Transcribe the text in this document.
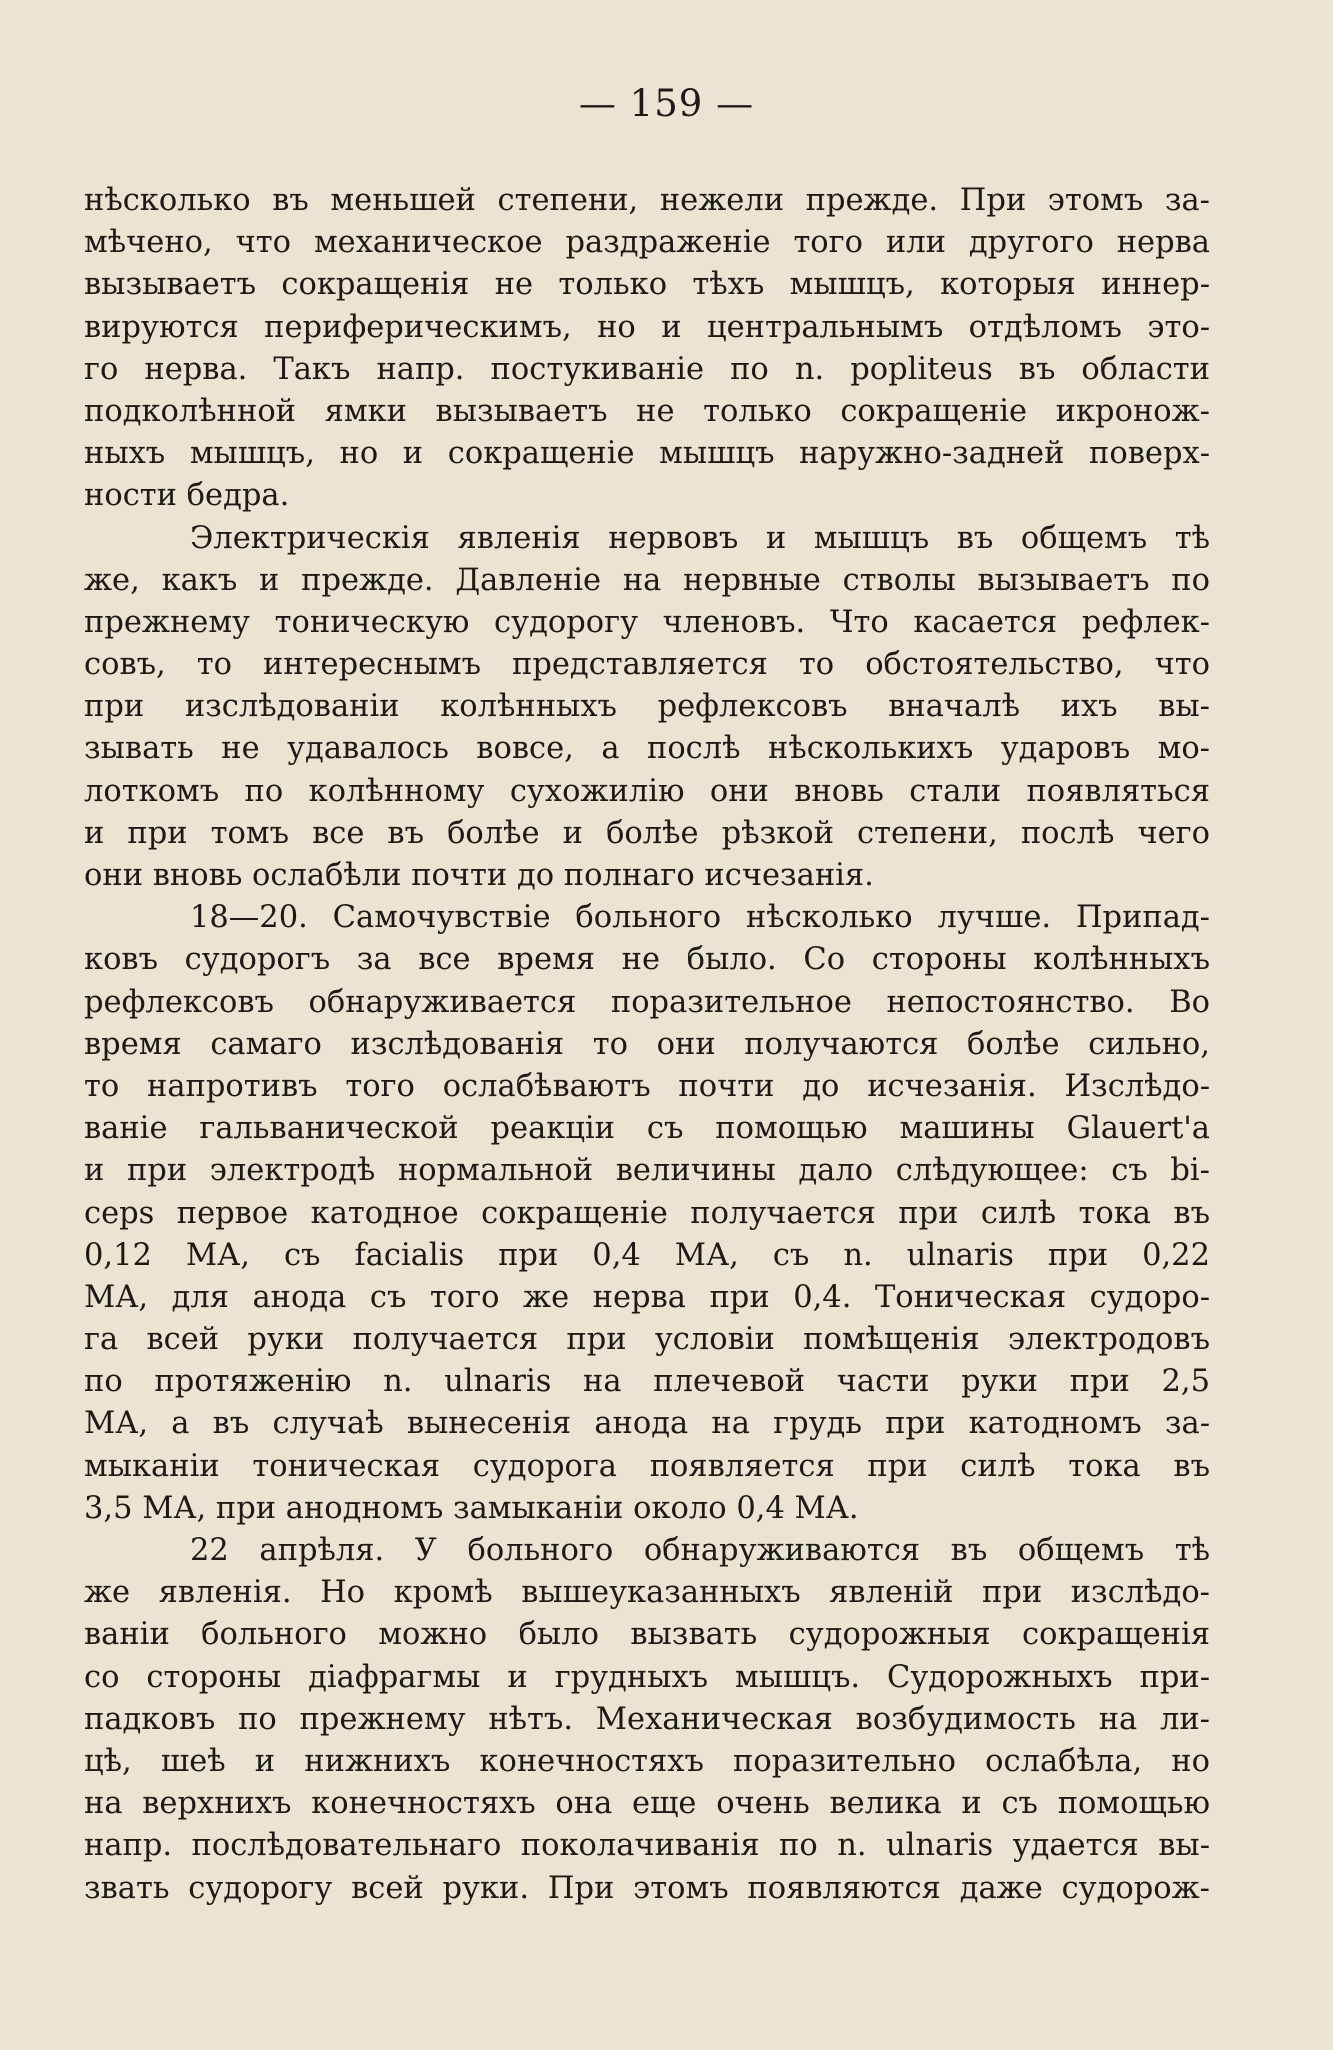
— 159 —
нѣсколько въ меньшей степени, нежели прежде. При этомъ за-
мѣчено, что механическое раздраженіе того или другого нерва
вызываетъ сокращенія не только тѣхъ мышцъ, которыя иннер-
вируются периферическимъ, но и центральнымъ отдѣломъ это-
го нерва. Такъ напр. постукиваніе по n. popliteus въ области
подколѣнной ямки вызываетъ не только сокращеніе икронож-
ныхъ мышцъ, но и сокращеніе мышцъ наружно-задней поверх-
ности бедра.
Электрическія явленія нервовъ и мышцъ въ общемъ тѣ
же, какъ и прежде. Давленіе на нервные стволы вызываетъ по
прежнему тоническую судорогу членовъ. Что касается рефлек-
совъ, то интереснымъ представляется то обстоятельство, что
при изслѣдованіи колѣнныхъ рефлексовъ вначалѣ ихъ вы-
зывать не удавалось вовсе, а послѣ нѣсколькихъ ударовъ мо-
лоткомъ по колѣнному сухожилію они вновь стали появляться
и при томъ все въ болѣе и болѣе рѣзкой степени, послѣ чего
они вновь ослабѣли почти до полнаго исчезанія.
18—20. Самочувствіе больного нѣсколько лучше. Припад-
ковъ судорогъ за все время не было. Со стороны колѣнныхъ
рефлексовъ обнаруживается поразительное непостоянство. Во
время самаго изслѣдованія то они получаются болѣе сильно,
то напротивъ того ослабѣваютъ почти до исчезанія. Изслѣдо-
ваніе гальванической реакціи съ помощью машины Glauert'а
и при электродѣ нормальной величины дало слѣдующее: съ bi-
ceps первое катодное сокращеніе получается при силѣ тока въ
0,12 МА, съ facialis при 0,4 МА, съ n. ulnaris при 0,22
МА, для анода съ того же нерва при 0,4. Тоническая судоро-
га всей руки получается при условіи помѣщенія электродовъ
по протяженію n. ulnaris на плечевой части руки при 2,5
МА, а въ случаѣ вынесенія анода на грудь при катодномъ за-
мыканіи тоническая судорога появляется при силѣ тока въ
3,5 МА, при анодномъ замыканіи около 0,4 МА.
22 апрѣля. У больного обнаруживаются въ общемъ тѣ
же явленія. Но кромѣ вышеуказанныхъ явленій при изслѣдо-
ваніи больного можно было вызвать судорожныя сокращенія
со стороны діафрагмы и грудныхъ мышцъ. Судорожныхъ при-
падковъ по прежнему нѣтъ. Механическая возбудимость на ли-
цѣ, шеѣ и нижнихъ конечностяхъ поразительно ослабѣла, но
на верхнихъ конечностяхъ она еще очень велика и съ помощью
напр. послѣдовательнаго поколачиванія по n. ulnaris удается вы-
звать судорогу всей руки. При этомъ появляются даже судорож-
